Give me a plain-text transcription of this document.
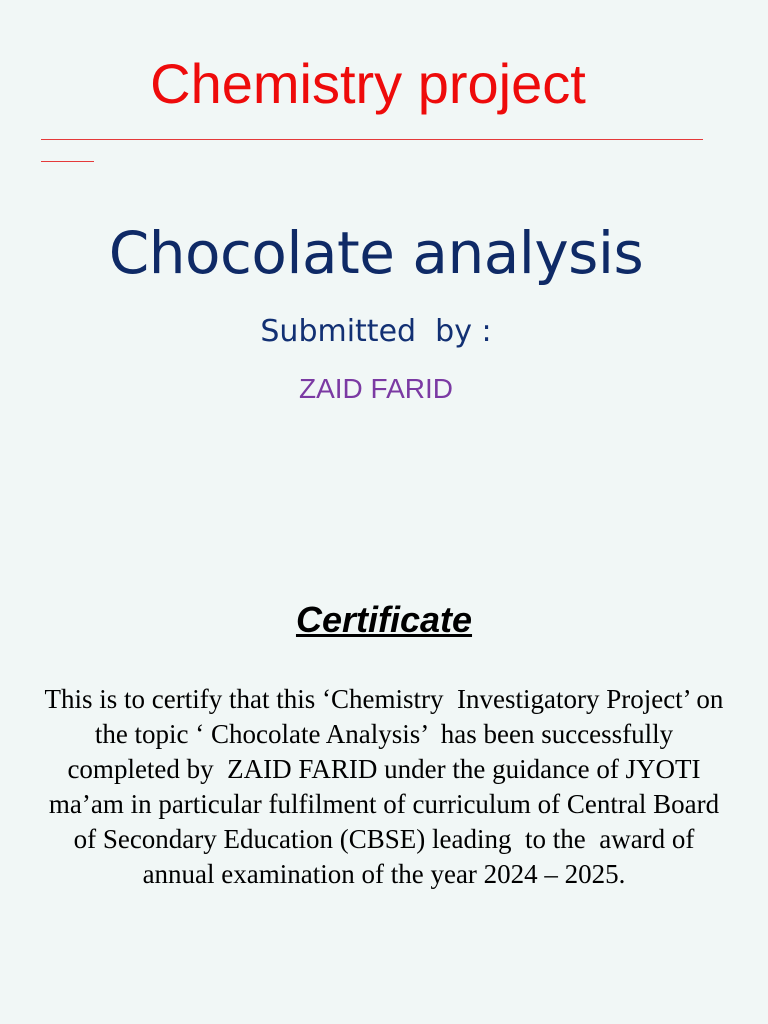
Chemistry project
Chocolate analysis
Submitted  by :
ZAID FARID
Certificate

This is to certify that this ‘Chemistry  Investigatory Project’ on the topic ‘ Chocolate Analysis’  has been successfully completed by  ZAID FARID under the guidance of JYOTI ma’am in particular fulfilment of curriculum of Central Board of Secondary Education (CBSE) leading  to the  award of  annual examination of the year 2024 – 2025.
